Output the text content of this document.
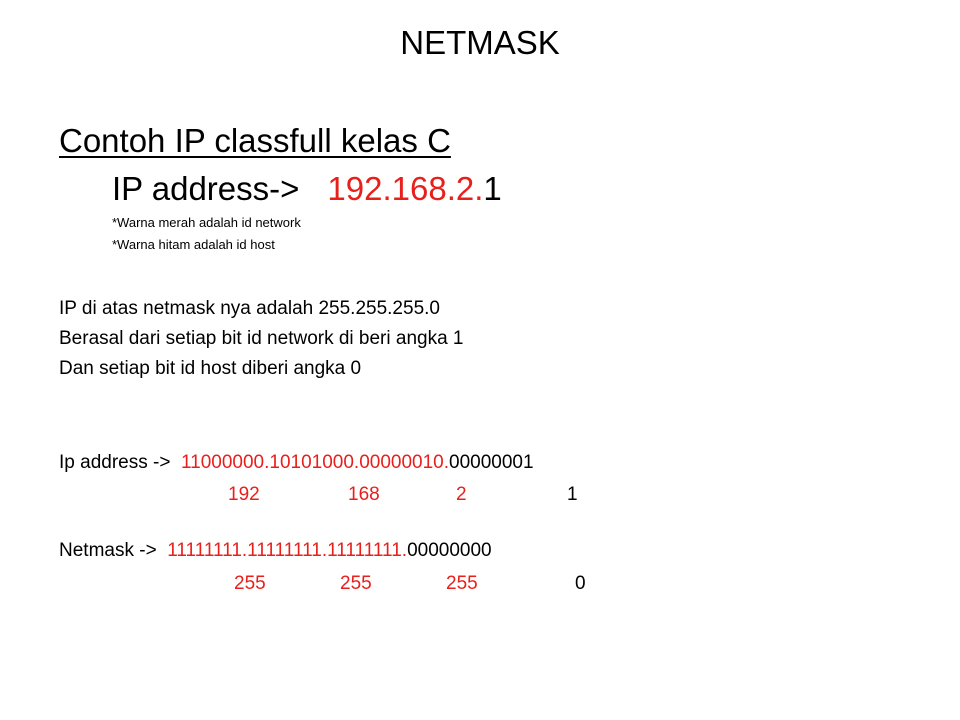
NETMASK
Contoh IP classfull kelas C
IP address-> 192.168.2.1
*Warna merah adalah id network
*Warna hitam adalah id host
IP di atas netmask nya adalah 255.255.255.0
Berasal dari setiap bit id network di beri angka 1
Dan setiap bit id host diberi angka 0
Ip address -> 11000000.10101000.00000010.00000001
192	168	2	1
Netmask -> 11111111.11111111.11111111.00000000
255	255	255	0
